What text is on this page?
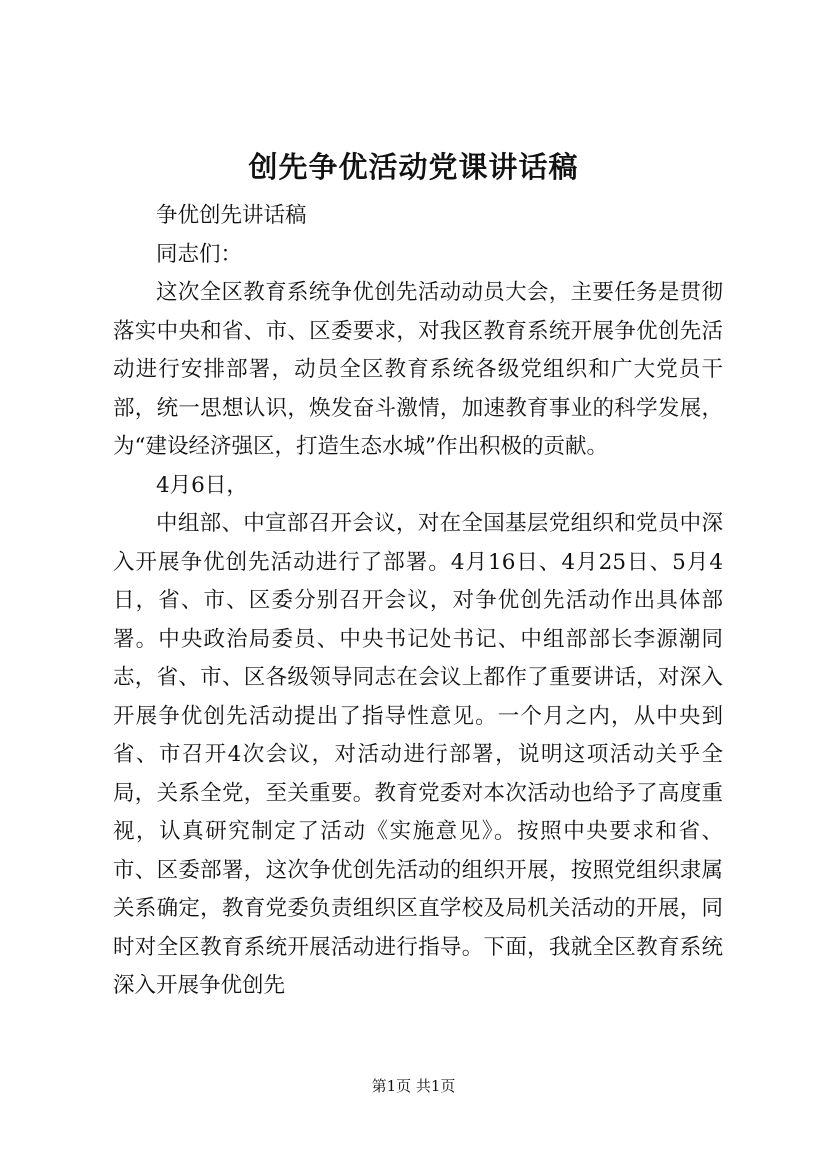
创先争优活动党课讲话稿

争优创先讲话稿

同志们：

这次全区教育系统争优创先活动动员大会，主要任务是贯彻落实中央和省、市、区委要求，对我区教育系统开展争优创先活动进行安排部署，动员全区教育系统各级党组织和广大党员干部，统一思想认识，焕发奋斗激情，加速教育事业的科学发展，为“建设经济强区，打造生态水城”作出积极的贡献。

4月6日，

中组部、中宣部召开会议，对在全国基层党组织和党员中深入开展争优创先活动进行了部署。4月16日、4月25日、5月4日，省、市、区委分别召开会议，对争优创先活动作出具体部署。中央政治局委员、中央书记处书记、中组部部长李源潮同志，省、市、区各级领导同志在会议上都作了重要讲话，对深入开展争优创先活动提出了指导性意见。一个月之内，从中央到省、市召开4次会议，对活动进行部署，说明这项活动关乎全局，关系全党，至关重要。教育党委对本次活动也给予了高度重视，认真研究制定了活动《实施意见》。按照中央要求和省、市、区委部署，这次争优创先活动的组织开展，按照党组织隶属关系确定，教育党委负责组织区直学校及局机关活动的开展，同时对全区教育系统开展活动进行指导。下面，我就全区教育系统深入开展争优创先

第1页 共1页
